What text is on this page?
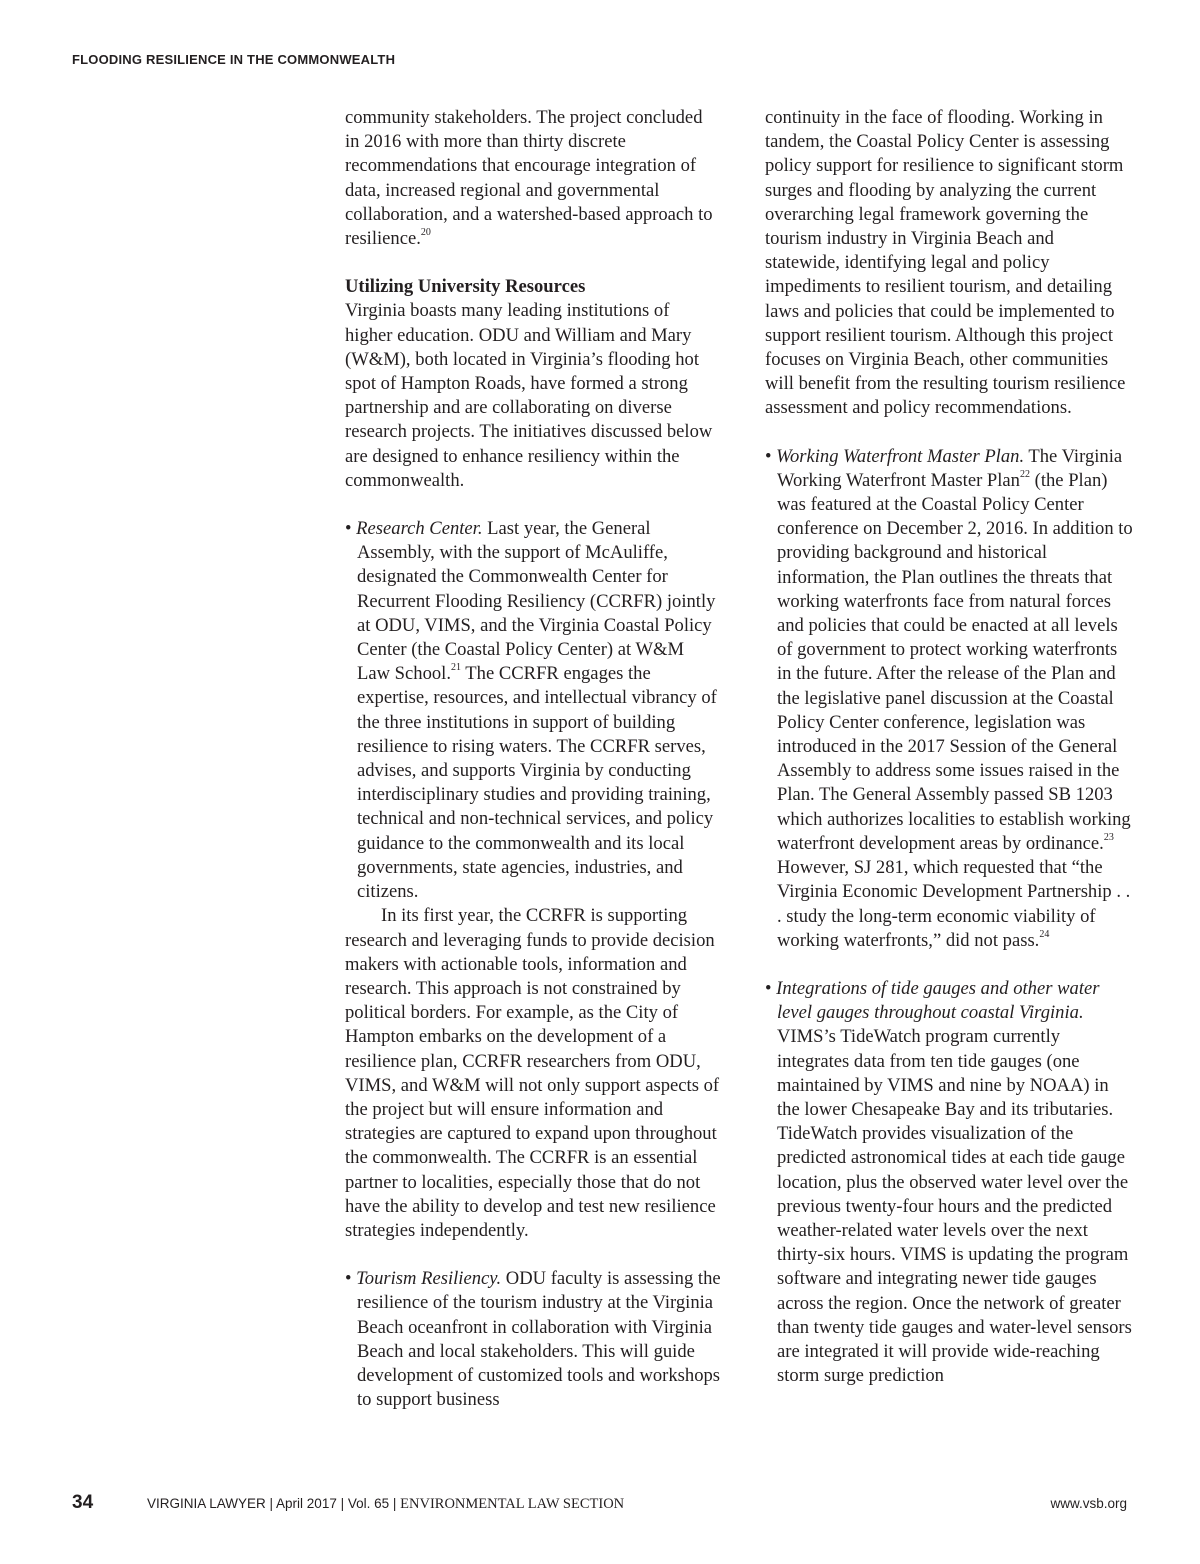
FLOODING RESILIENCE IN THE COMMONWEALTH

community stakeholders. The project concluded in 2016 with more than thirty discrete recommendations that encourage integration of data, increased regional and governmental collaboration, and a watershed-based approach to resilience.$^{20}$

Utilizing University Resources

Virginia boasts many leading institutions of higher education. ODU and William and Mary (W&M), both located in Virginia’s flooding hot spot of Hampton Roads, have formed a strong partnership and are collaborating on diverse research projects. The initiatives discussed below are designed to enhance resiliency within the commonwealth.

• Research Center. Last year, the General Assembly, with the support of McAuliffe, designated the Commonwealth Center for Recurrent Flooding Resiliency (CCRFR) jointly at ODU, VIMS, and the Virginia Coastal Policy Center (the Coastal Policy Center) at W&M Law School.$^{21}$ The CCRFR engages the expertise, resources, and intellectual vibrancy of the three institutions in support of building resilience to rising waters. The CCRFR serves, advises, and supports Virginia by conducting interdisciplinary studies and providing training, technical and non-technical services, and policy guidance to the commonwealth and its local governments, state agencies, industries, and citizens.

In its first year, the CCRFR is supporting research and leveraging funds to provide decision makers with actionable tools, information and research. This approach is not constrained by political borders. For example, as the City of Hampton embarks on the development of a resilience plan, CCRFR researchers from ODU, VIMS, and W&M will not only support aspects of the project but will ensure information and strategies are captured to expand upon throughout the commonwealth. The CCRFR is an essential partner to localities, especially those that do not have the ability to develop and test new resilience strategies independently.

• Tourism Resiliency. ODU faculty is assessing the resilience of the tourism industry at the Virginia Beach oceanfront in collaboration with Virginia Beach and local stakeholders. This will guide development of customized tools and workshops to support business

continuity in the face of flooding. Working in tandem, the Coastal Policy Center is assessing policy support for resilience to significant storm surges and flooding by analyzing the current overarching legal framework governing the tourism industry in Virginia Beach and statewide, identifying legal and policy impediments to resilient tourism, and detailing laws and policies that could be implemented to support resilient tourism. Although this project focuses on Virginia Beach, other communities will benefit from the resulting tourism resilience assessment and policy recommendations.

• Working Waterfront Master Plan. The Virginia Working Waterfront Master Plan$^{22}$ (the Plan) was featured at the Coastal Policy Center conference on December 2, 2016. In addition to providing background and historical information, the Plan outlines the threats that working waterfronts face from natural forces and policies that could be enacted at all levels of government to protect working waterfronts in the future. After the release of the Plan and the legislative panel discussion at the Coastal Policy Center conference, legislation was introduced in the 2017 Session of the General Assembly to address some issues raised in the Plan. The General Assembly passed SB 1203 which authorizes localities to establish working waterfront development areas by ordinance.$^{23}$ However, SJ 281, which requested that “the Virginia Economic Development Partnership . . . study the long-term economic viability of working waterfronts,” did not pass.$^{24}$

• Integrations of tide gauges and other water level gauges throughout coastal Virginia. VIMS’s TideWatch program currently integrates data from ten tide gauges (one maintained by VIMS and nine by NOAA) in the lower Chesapeake Bay and its tributaries. TideWatch provides visualization of the predicted astronomical tides at each tide gauge location, plus the observed water level over the previous twenty-four hours and the predicted weather-related water levels over the next thirty-six hours. VIMS is updating the program software and integrating newer tide gauges across the region. Once the network of greater than twenty tide gauges and water-level sensors are integrated it will provide wide-reaching storm surge prediction

34	VIRGINIA LAWYER | April 2017 | Vol. 65 | ENVIRONMENTAL LAW SECTION	www.vsb.org
